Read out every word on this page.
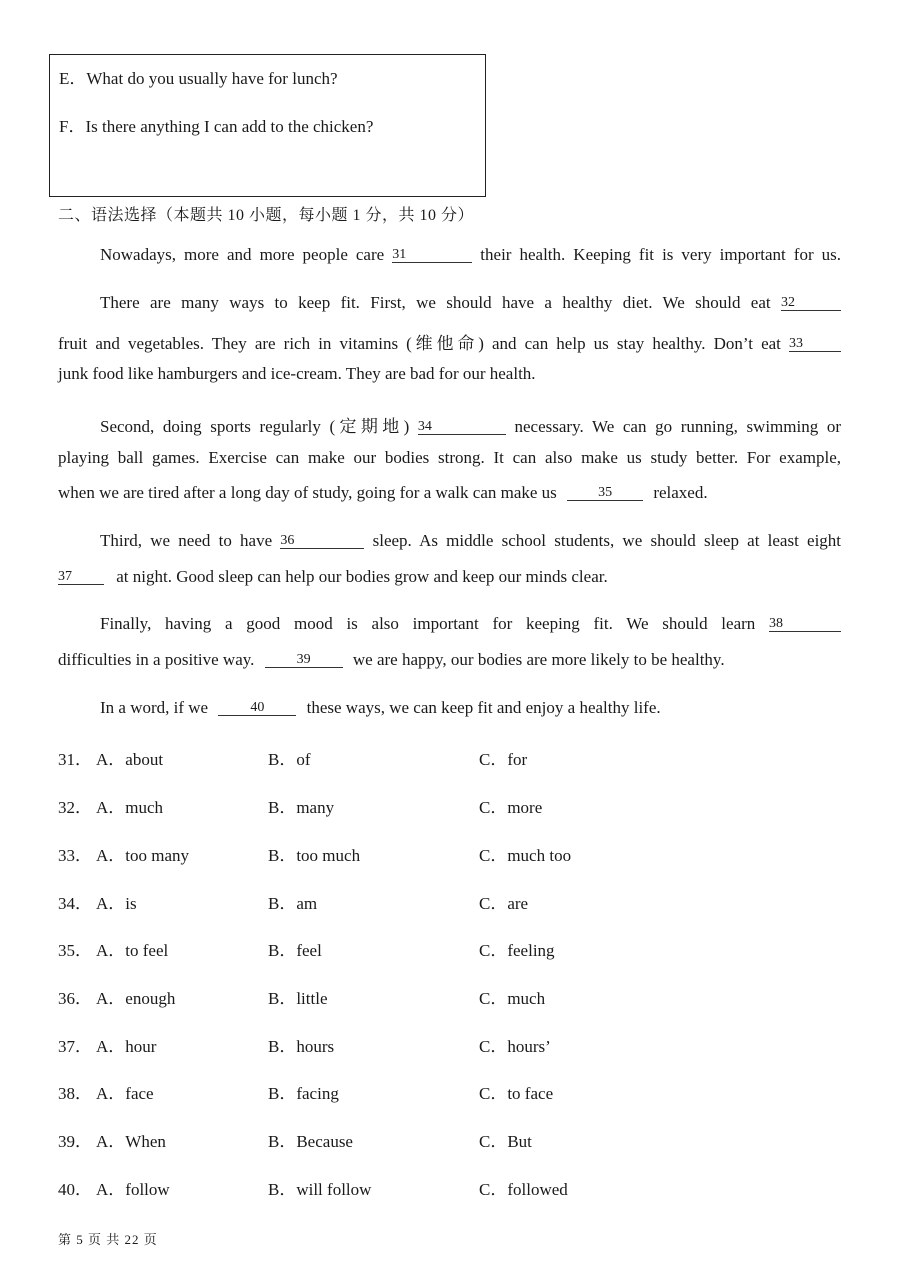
E．What do you usually have for lunch?
F．Is there anything I can add to the chicken?
二、语法选择（本题共 10 小题，每小题 1 分，共 10 分）
Nowadays, more and more people care 31	their health. Keeping fit is very important for us.
There are many ways to keep fit. First, we should have a healthy diet. We should eat 32
fruit and vegetables. They are rich in vitamins (维他命) and can help us stay healthy. Don’t eat 33
junk food like hamburgers and ice-cream. They are bad for our health.
Second, doing sports regularly (定期地) 34	necessary. We can go running, swimming or
playing ball games. Exercise can make our bodies strong. It can also make us study better. For example,
when we are tired after a long day of study, going for a walk can make us	35 relaxed.
Third, we need to have 36	sleep. As middle school students, we should sleep at least eight
37	at night. Good sleep can help our bodies grow and keep our minds clear.
Finally, having a good mood is also important for keeping fit. We should learn 38
difficulties in a positive way.	39 we are happy, our bodies are more likely to be healthy.
In a word, if we	40 these ways, we can keep fit and enjoy a healthy life.
31． A．about	B．of	C．for
32． A．much	B．many	C．more
33． A．too many	B．too much	C．much too
34． A．is	B．am	C．are
35． A．to feel	B．feel	C．feeling
36． A．enough	B．little	C．much
37． A．hour	B．hours	C．hours’
38． A．face	B．facing	C．to face
39． A．When	B．Because	C．But
40． A．follow	B．will follow	C．followed
第 5 页 共 22 页
